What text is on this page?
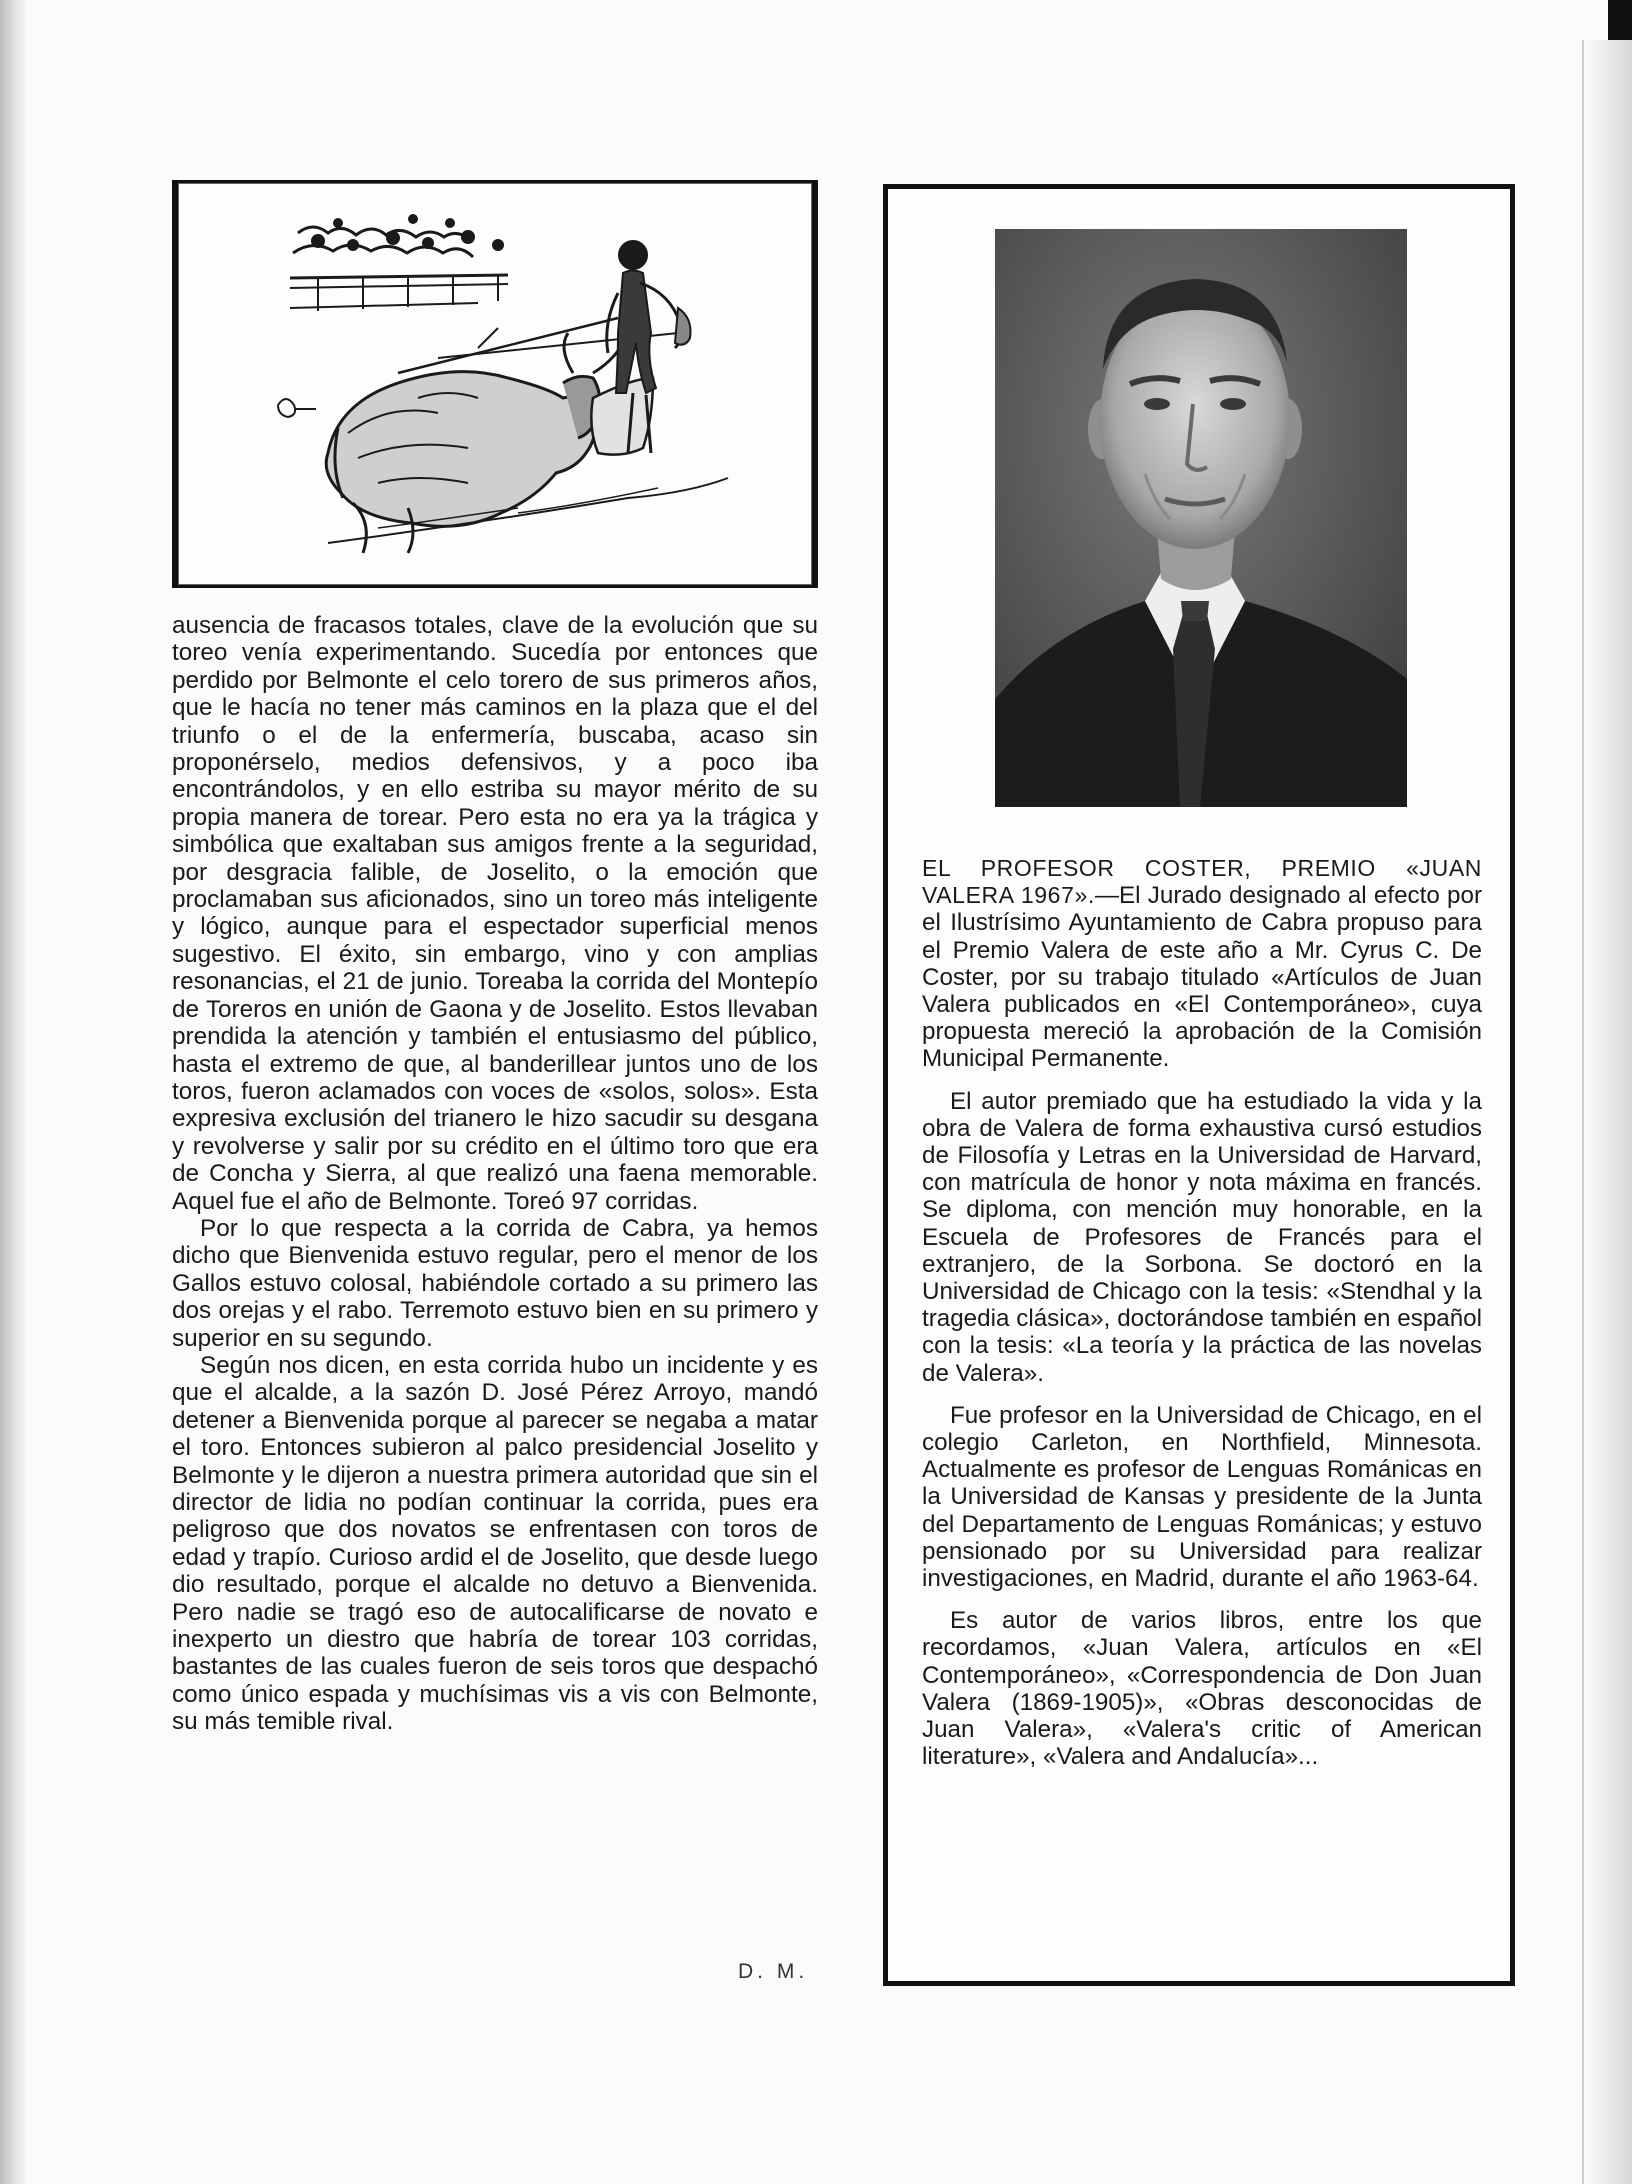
ausencia de fracasos totales, clave de la evolución que su toreo venía experimentando. Sucedía por entonces que perdido por Belmonte el celo torero de sus primeros años, que le hacía no tener más caminos en la plaza que el del triunfo o el de la enfermería, buscaba, acaso sin proponérselo, medios defensivos, y a poco iba encontrándolos, y en ello estriba su mayor mérito de su propia manera de torear. Pero esta no era ya la trágica y simbólica que exaltaban sus amigos frente a la seguridad, por desgracia falible, de Joselito, o la emoción que proclamaban sus aficionados, sino un toreo más inteligente y lógico, aunque para el espectador superficial menos sugestivo. El éxito, sin embargo, vino y con amplias resonancias, el 21 de junio. Toreaba la corrida del Montepío de Toreros en unión de Gaona y de Joselito. Estos llevaban prendida la atención y también el entusiasmo del público, hasta el extremo de que, al banderillear juntos uno de los toros, fueron aclamados con voces de «solos, solos». Esta expresiva exclusión del trianero le hizo sacudir su desgana y revolverse y salir por su crédito en el último toro que era de Concha y Sierra, al que realizó una faena memorable. Aquel fue el año de Belmonte. Toreó 97 corridas.

Por lo que respecta a la corrida de Cabra, ya hemos dicho que Bienvenida estuvo regular, pero el menor de los Gallos estuvo colosal, habiéndole cortado a su primero las dos orejas y el rabo. Terremoto estuvo bien en su primero y superior en su segundo.

Según nos dicen, en esta corrida hubo un incidente y es que el alcalde, a la sazón D. José Pérez Arroyo, mandó detener a Bienvenida porque al parecer se negaba a matar el toro. Entonces subieron al palco presidencial Joselito y Belmonte y le dijeron a nuestra primera autoridad que sin el director de lidia no podían continuar la corrida, pues era peligroso que dos novatos se enfrentasen con toros de edad y trapío. Curioso ardid el de Joselito, que desde luego dio resultado, porque el alcalde no detuvo a Bienvenida. Pero nadie se tragó eso de autocalificarse de novato e inexperto un diestro que habría de torear 103 corridas, bastantes de las cuales fueron de seis toros que despachó como único espada y muchísimas vis a vis con Belmonte, su más temible rival.

D. M.

EL PROFESOR COSTER, PREMIO «JUAN VALERA 1967».—El Jurado designado al efecto por el Ilustrísimo Ayuntamiento de Cabra propuso para el Premio Valera de este año a Mr. Cyrus C. De Coster, por su trabajo titulado «Artículos de Juan Valera publicados en «El Contemporáneo», cuya propuesta mereció la aprobación de la Comisión Municipal Permanente.

El autor premiado que ha estudiado la vida y la obra de Valera de forma exhaustiva cursó estudios de Filosofía y Letras en la Universidad de Harvard, con matrícula de honor y nota máxima en francés. Se diploma, con mención muy honorable, en la Escuela de Profesores de Francés para el extranjero, de la Sorbona. Se doctoró en la Universidad de Chicago con la tesis: «Stendhal y la tragedia clásica», doctorándose también en español con la tesis: «La teoría y la práctica de las novelas de Valera».

Fue profesor en la Universidad de Chicago, en el colegio Carleton, en Northfield, Minnesota. Actualmente es profesor de Lenguas Románicas en la Universidad de Kansas y presidente de la Junta del Departamento de Lenguas Románicas; y estuvo pensionado por su Universidad para realizar investigaciones, en Madrid, durante el año 1963-64.

Es autor de varios libros, entre los que recordamos, «Juan Valera, artículos en «El Contemporáneo», «Correspondencia de Don Juan Valera (1869-1905)», «Obras desconocidas de Juan Valera», «Valera's critic of American literature», «Valera and Andalucía»...
